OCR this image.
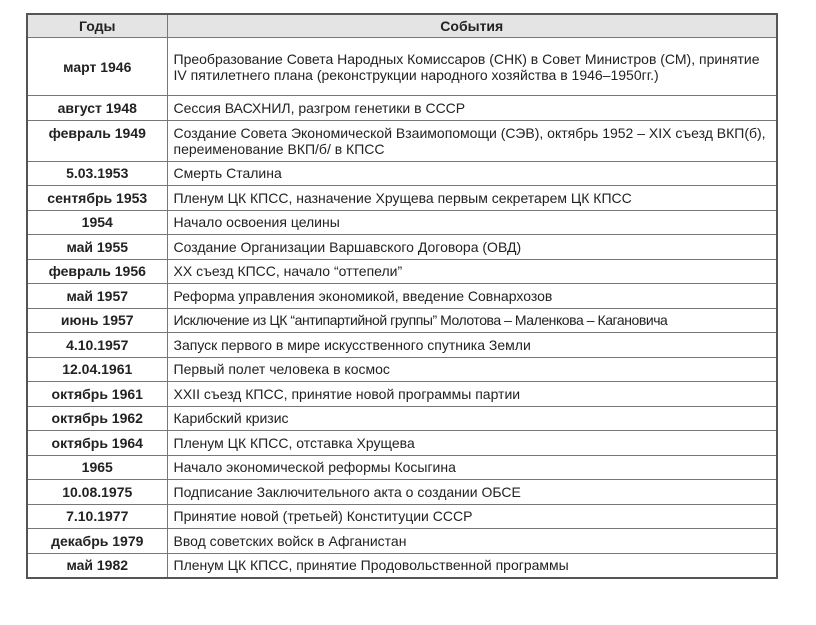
Годы	События
март 1946	Преобразование Совета Народных Комиссаров (СНК) в Совет Министров (СМ), принятие IV пятилетнего плана (реконструкции народного хозяйства в 1946–1950гг.)
август 1948	Сессия ВАСХНИЛ, разгром генетики в СССР
февраль 1949	Создание Совета Экономической Взаимопомощи (СЭВ), октябрь 1952 – XIX съезд ВКП(б), переименование ВКП/б/ в КПСС
5.03.1953	Смерть Сталина
сентябрь 1953	Пленум ЦК КПСС, назначение Хрущева первым секретарем ЦК КПСС
1954	Начало освоения целины
май 1955	Создание Организации Варшавского Договора (ОВД)
февраль 1956	XX съезд КПСС, начало “оттепели”
май 1957	Реформа управления экономикой, введение Совнархозов
июнь 1957	Исключение из ЦК “антипартийной группы” Молотова – Маленкова – Кагановича
4.10.1957	Запуск первого в мире искусственного спутника Земли
12.04.1961	Первый полет человека в космос
октябрь 1961	XXII съезд КПСС, принятие новой программы партии
октябрь 1962	Карибский кризис
октябрь 1964	Пленум ЦК КПСС, отставка Хрущева
1965	Начало экономической реформы Косыгина
10.08.1975	Подписание Заключительного акта о создании ОБСЕ
7.10.1977	Принятие новой (третьей) Конституции СССР
декабрь 1979	Ввод советских войск в Афганистан
май 1982	Пленум ЦК КПСС, принятие Продовольственной программы
